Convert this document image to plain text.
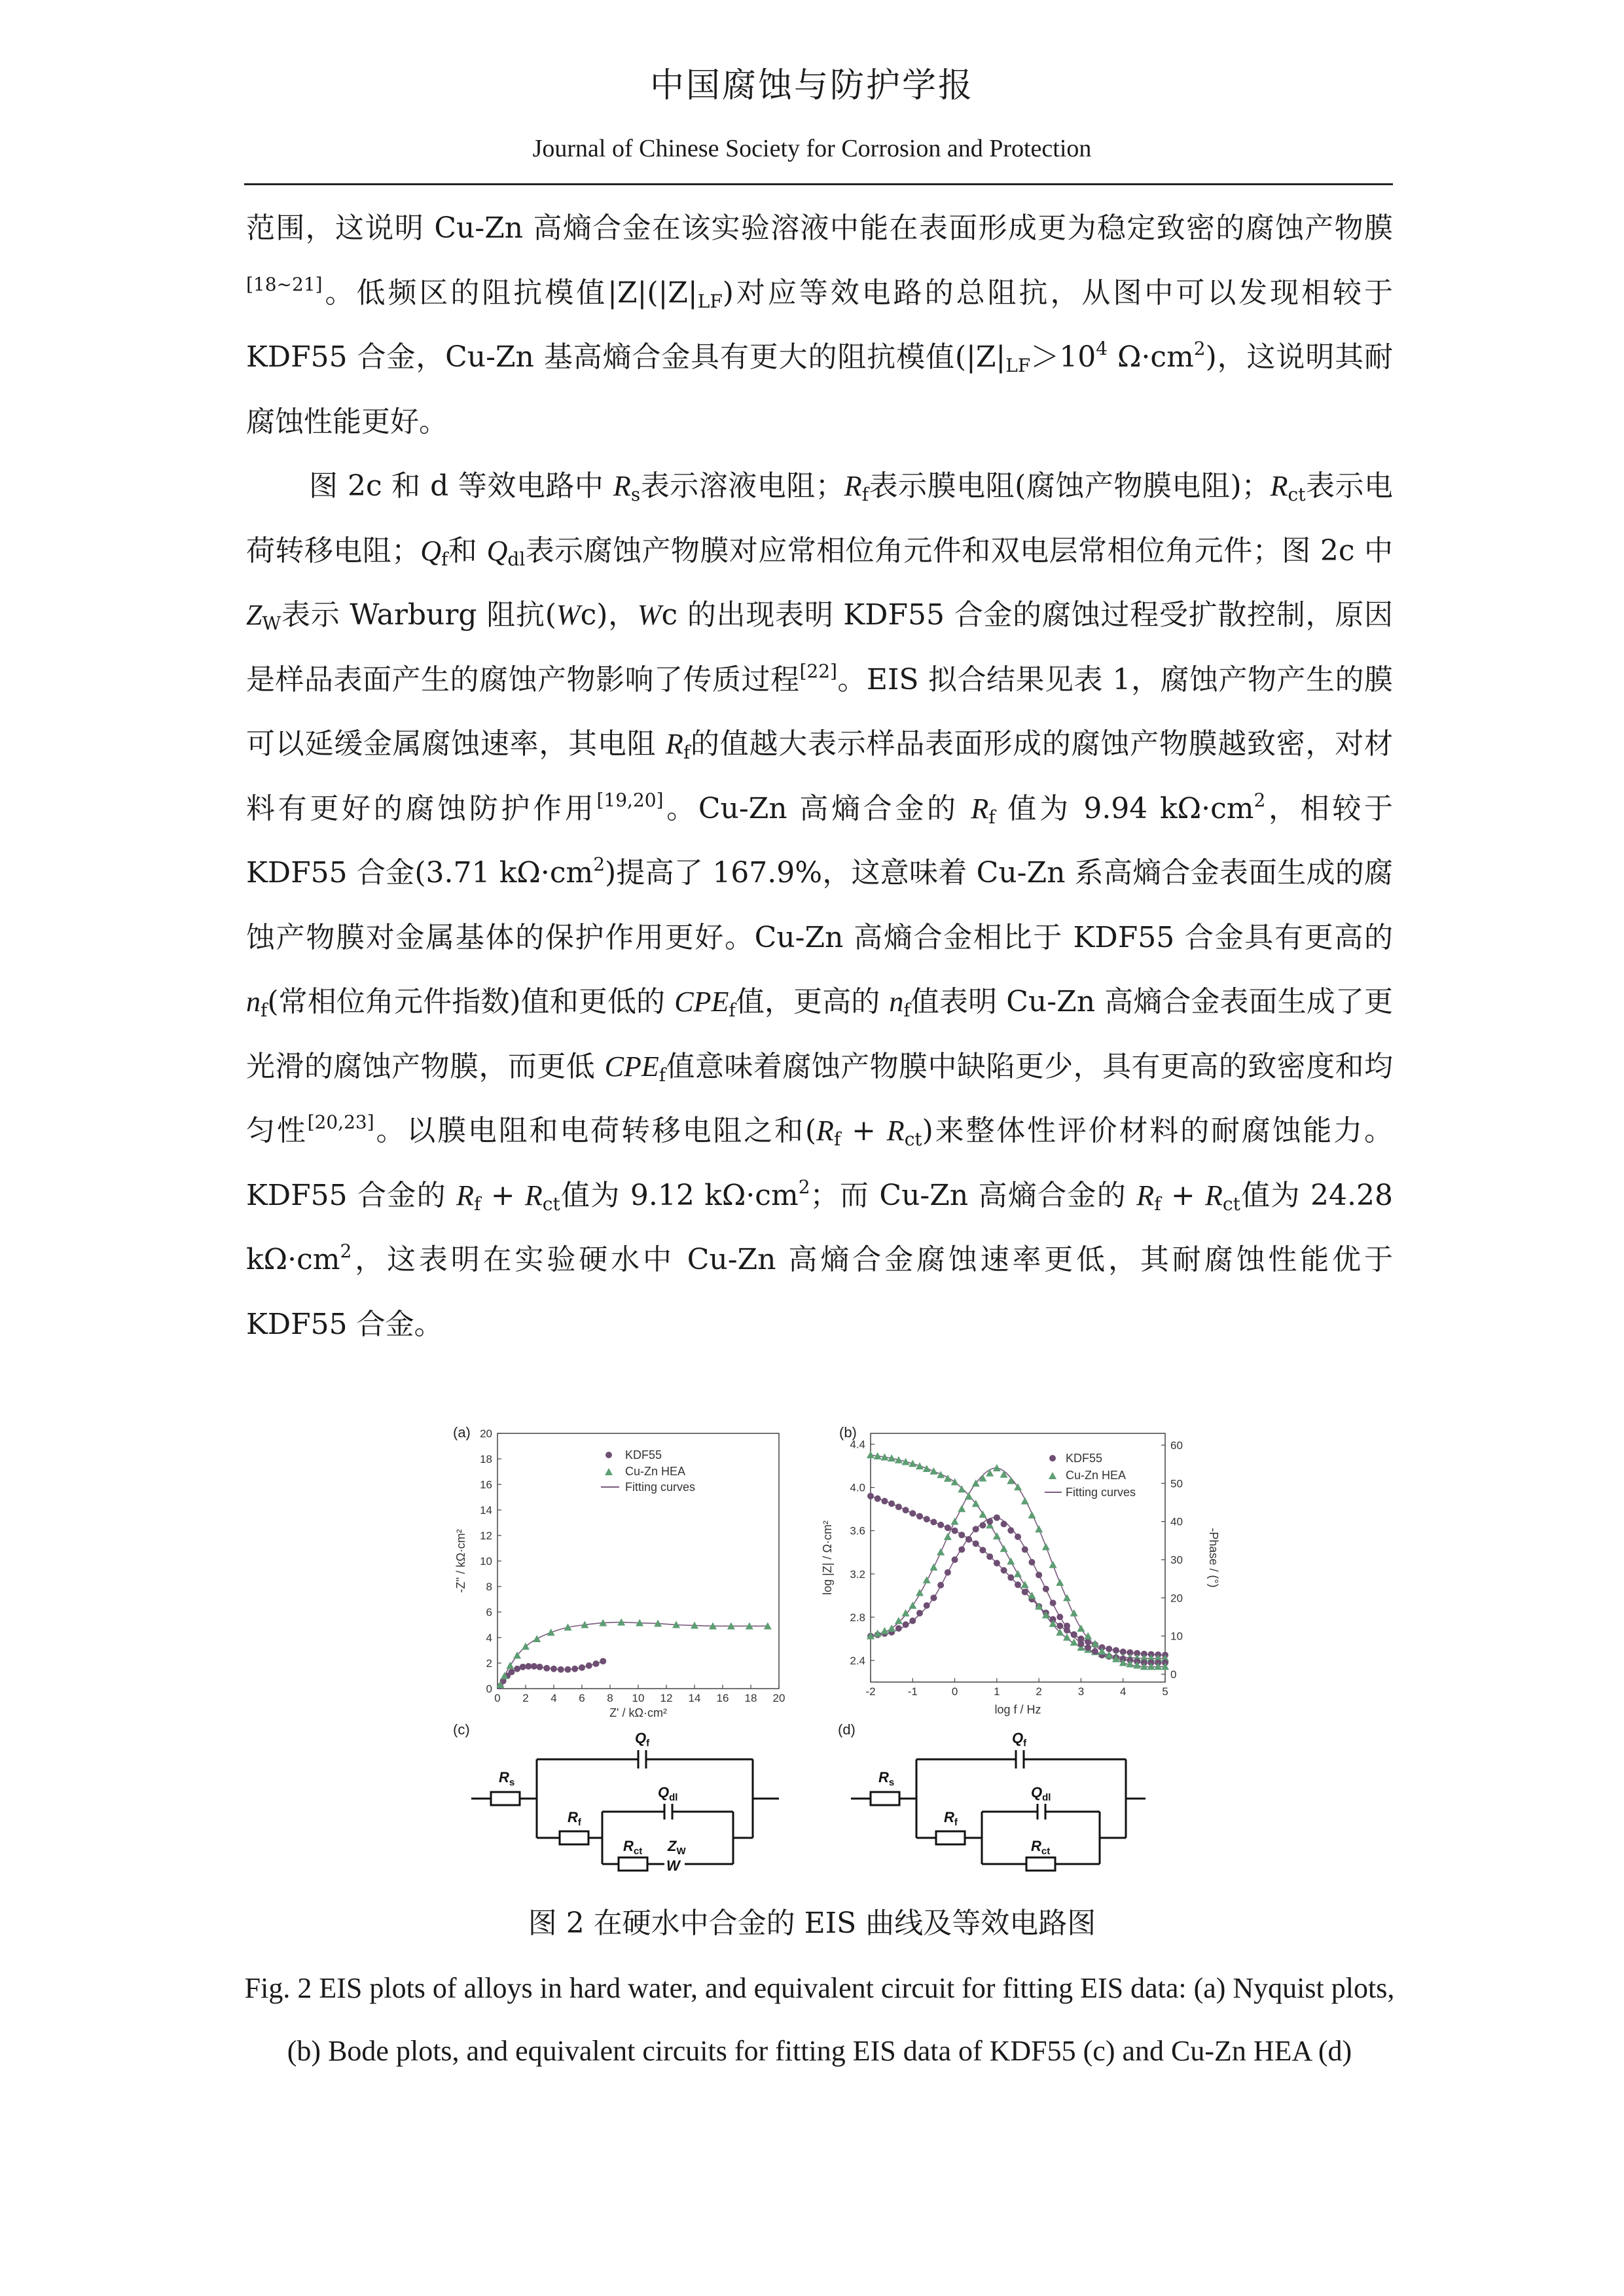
中国腐蚀与防护学报
Journal of Chinese Society for Corrosion and Protection

范围，这说明 Cu-Zn 高熵合金在该实验溶液中能在表面形成更为稳定致密的腐蚀产物膜[18~21]。低频区的阻抗模值$|Z|(|Z|_{LF})$对应等效电路的总阻抗，从图中可以发现相较于 KDF55 合金，Cu-Zn 基高熵合金具有更大的阻抗模值($|Z|_{LF}>10^4$ $\Omega\cdot cm^2$)，这说明其耐腐蚀性能更好。

图 2c 和 d 等效电路中 $R_s$表示溶液电阻；$R_f$表示膜电阻(腐蚀产物膜电阻)；$R_{ct}$表示电荷转移电阻；$Q_f$和 $Q_{dl}$表示腐蚀产物膜对应常相位角元件和双电层常相位角元件；图 2c 中 $Z_W$表示 Warburg 阻抗(Wc)，Wc 的出现表明 KDF55 合金的腐蚀过程受扩散控制，原因是样品表面产生的腐蚀产物影响了传质过程[22]。EIS 拟合结果见表 1，腐蚀产物产生的膜可以延缓金属腐蚀速率，其电阻 $R_f$的值越大表示样品表面形成的腐蚀产物膜越致密，对材料有更好的腐蚀防护作用[19,20]。Cu-Zn 高熵合金的 $R_f$ 值为 9.94 $k\Omega\cdot cm^2$，相较于 KDF55 合金(3.71 $k\Omega\cdot cm^2$)提高了 167.9%，这意味着 Cu-Zn 系高熵合金表面生成的腐蚀产物膜对金属基体的保护作用更好。Cu-Zn 高熵合金相比于 KDF55 合金具有更高的 $n_f$(常相位角元件指数)值和更低的 $CPE_f$值，更高的 $n_f$值表明 Cu-Zn 高熵合金表面生成了更光滑的腐蚀产物膜，而更低 $CPE_f$值意味着腐蚀产物膜中缺陷更少，具有更高的致密度和均匀性[20,23]。以膜电阻和电荷转移电阻之和$(R_f + R_{ct})$来整体性评价材料的耐腐蚀能力。KDF55 合金的 $R_f + R_{ct}$值为 9.12 $k\Omega\cdot cm^2$；而 Cu-Zn 高熵合金的 $R_f + R_{ct}$值为 24.28 $k\Omega\cdot cm^2$，这表明在实验硬水中 Cu-Zn 高熵合金腐蚀速率更低，其耐腐蚀性能优于 KDF55 合金。

(a)
0 2 4 6 8 10 12 14 16 18 20
0
2
4
6
8
10
12
14
16
18
20
-Z'' / kΩ·cm²
Z' / kΩ·cm²
KDF55
Cu-Zn HEA
Fitting curves
(b)
-2	-1	0	1	2	3	4	5
2.4
2.8
3.2
3.6
4.0
4.4
0
10
20
30
40
50
60
log |Z| / Ω·cm²	-Phase / (°)
log f / Hz
KDF55
Cu-Zn HEA
Fitting curves
(c)
$R_s$
$Q_f$
$R_f$
$Q_{dl}$
$R_{ct}$ $Z_W$
W
(d)
$R_s$
$Q_f$
$R_f$
$Q_{dl}$
$R_{ct}$
图 2 在硬水中合金的 EIS 曲线及等效电路图
Fig. 2 EIS plots of alloys in hard water, and equivalent circuit for fitting EIS data: (a) Nyquist plots, (b) Bode plots, and equivalent circuits for fitting EIS data of KDF55 (c) and Cu-Zn HEA (d)
